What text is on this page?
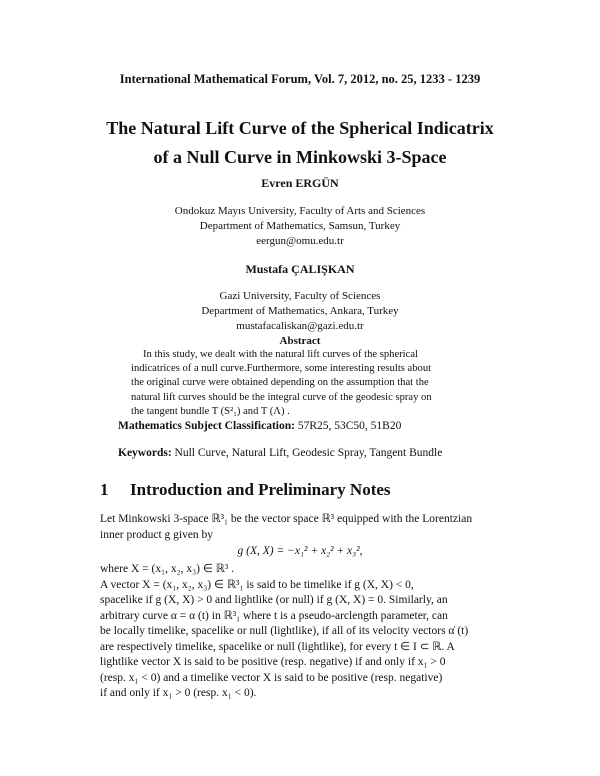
International Mathematical Forum, Vol. 7, 2012, no. 25, 1233 - 1239
The Natural Lift Curve of the Spherical Indicatrix
of a Null Curve in Minkowski 3-Space
Evren ERGÜN
Ondokuz Mayıs University, Faculty of Arts and Sciences
Department of Mathematics, Samsun, Turkey
eergun@omu.edu.tr
Mustafa ÇALIŞKAN
Gazi University, Faculty of Sciences
Department of Mathematics, Ankara, Turkey
mustafacaliskan@gazi.edu.tr
Abstract
In this study, we dealt with the natural lift curves of the spherical
indicatrices of a null curve.Furthermore, some interesting results about
the original curve were obtained depending on the assumption that the
natural lift curves should be the integral curve of the geodesic spray on
the tangent bundle T (S²₁) and T (Λ) .
Mathematics Subject Classification: 57R25, 53C50, 51B20
Keywords: Null Curve, Natural Lift, Geodesic Spray, Tangent Bundle
1 Introduction and Preliminary Notes
Let Minkowski 3-space ℝ³₁ be the vector space ℝ³ equipped with the Lorentzian
inner product g given by
g (X, X) = −x₁² + x₂² + x₃²,
where X = (x₁, x₂, x₃) ∈ ℝ³ .
A vector X = (x₁, x₂, x₃) ∈ ℝ³₁ is said to be timelike if g (X, X) < 0,
spacelike if g (X, X) > 0 and lightlike (or null) if g (X, X) = 0. Similarly, an
arbitrary curve α = α (t) in ℝ³₁ where t is a pseudo-arclength parameter, can
be locally timelike, spacelike or null (lightlike), if all of its velocity vectors α̇ (t)
are respectively timelike, spacelike or null (lightlike), for every t ∈ I ⊂ ℝ. A
lightlike vector X is said to be positive (resp. negative) if and only if x₁ > 0
(resp. x₁ < 0) and a timelike vector X is said to be positive (resp. negative)
if and only if x₁ > 0 (resp. x₁ < 0).
